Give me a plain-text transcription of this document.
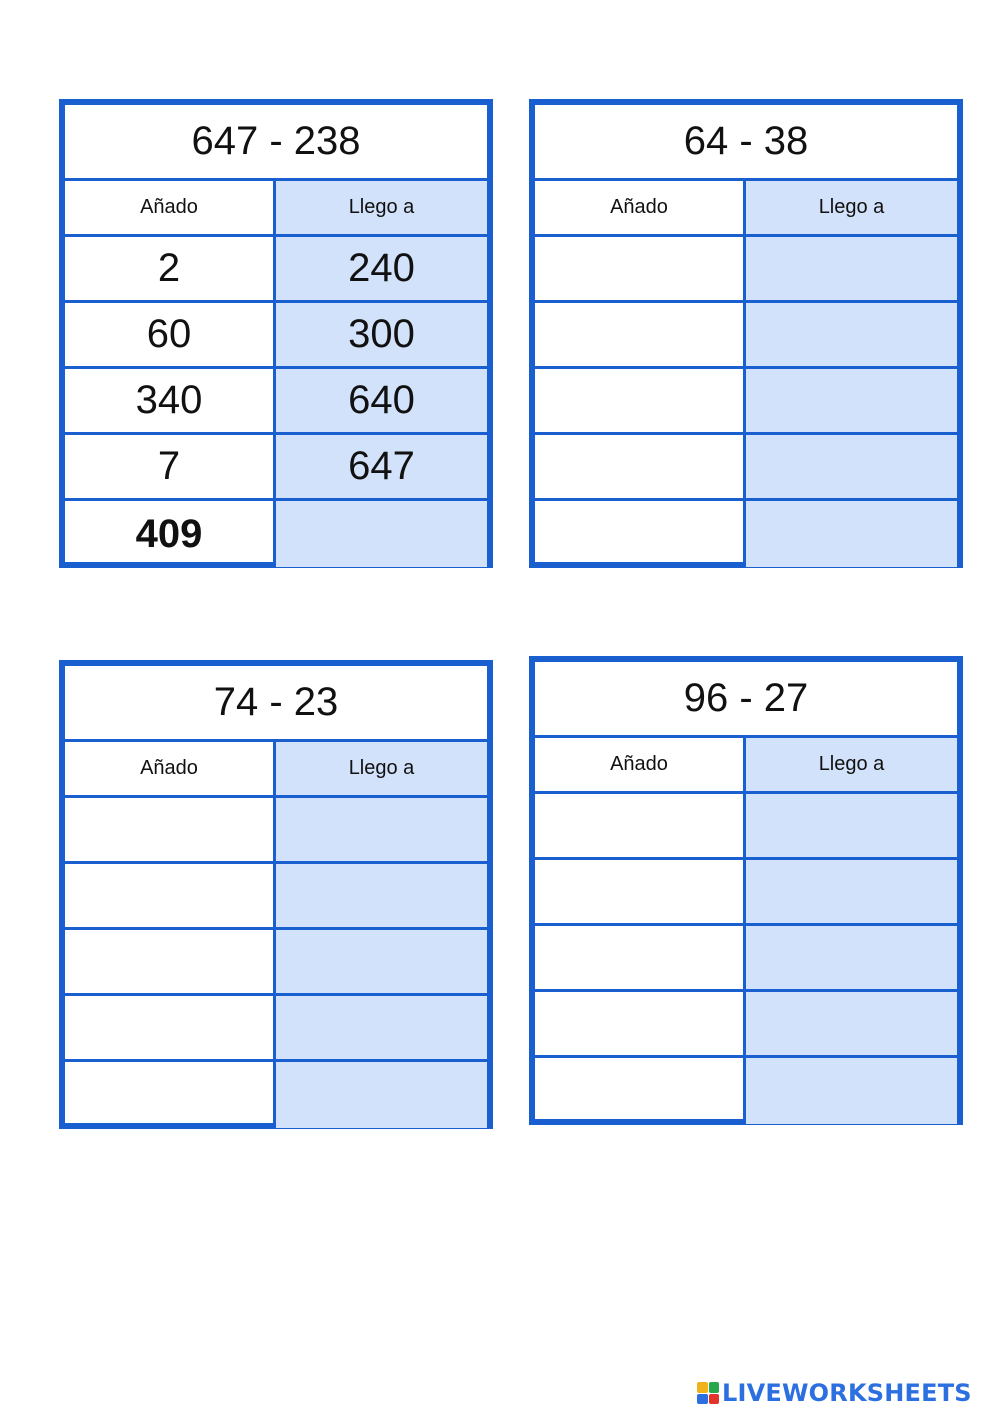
647 - 238
Añado	Llego a
2	240
60	300
340	640
7	647
409
64 - 38
Añado	Llego a
74 - 23
Añado	Llego a
96 - 27
Añado	Llego a
LIVEWORKSHEETS
